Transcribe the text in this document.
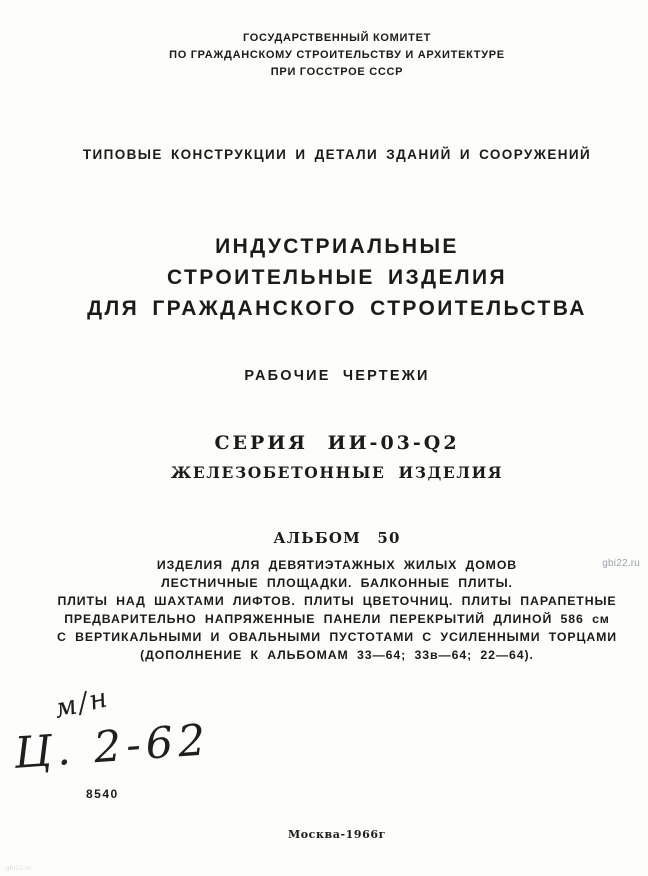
ГОСУДАРСТВЕННЫЙ КОМИТЕТ
ПО ГРАЖДАНСКОМУ СТРОИТЕЛЬСТВУ И АРХИТЕКТУРЕ
ПРИ ГОССТРОЕ СССР
ТИПОВЫЕ КОНСТРУКЦИИ И ДЕТАЛИ ЗДАНИЙ И СООРУЖЕНИЙ
ИНДУСТРИАЛЬНЫЕ
СТРОИТЕЛЬНЫЕ ИЗДЕЛИЯ
ДЛЯ ГРАЖДАНСКОГО СТРОИТЕЛЬСТВА
РАБОЧИЕ ЧЕРТЕЖИ
СЕРИЯ ИИ-03-Q2
ЖЕЛЕЗОБЕТОННЫЕ ИЗДЕЛИЯ
АЛЬБОМ 50
ИЗДЕЛИЯ ДЛЯ ДЕВЯТИЭТАЖНЫХ ЖИЛЫХ ДОМОВ
ЛЕСТНИЧНЫЕ ПЛОЩАДКИ. БАЛКОННЫЕ ПЛИТЫ.
ПЛИТЫ НАД ШАХТАМИ ЛИФТОВ. ПЛИТЫ ЦВЕТОЧНИЦ. ПЛИТЫ ПАРАПЕТНЫЕ
ПРЕДВАРИТЕЛЬНО НАПРЯЖЕННЫЕ ПАНЕЛИ ПЕРЕКРЫТИЙ ДЛИНОЙ 586 см
С ВЕРТИКАЛЬНЫМИ И ОВАЛЬНЫМИ ПУСТОТАМИ С УСИЛЕННЫМИ ТОРЦАМИ
(ДОПОЛНЕНИЕ К АЛЬБОМАМ 33—64; 33в—64; 22—64).
gbi22.ru
м/н
Ц. 2-62
8540
Москва-1966г
gbi22.ru
